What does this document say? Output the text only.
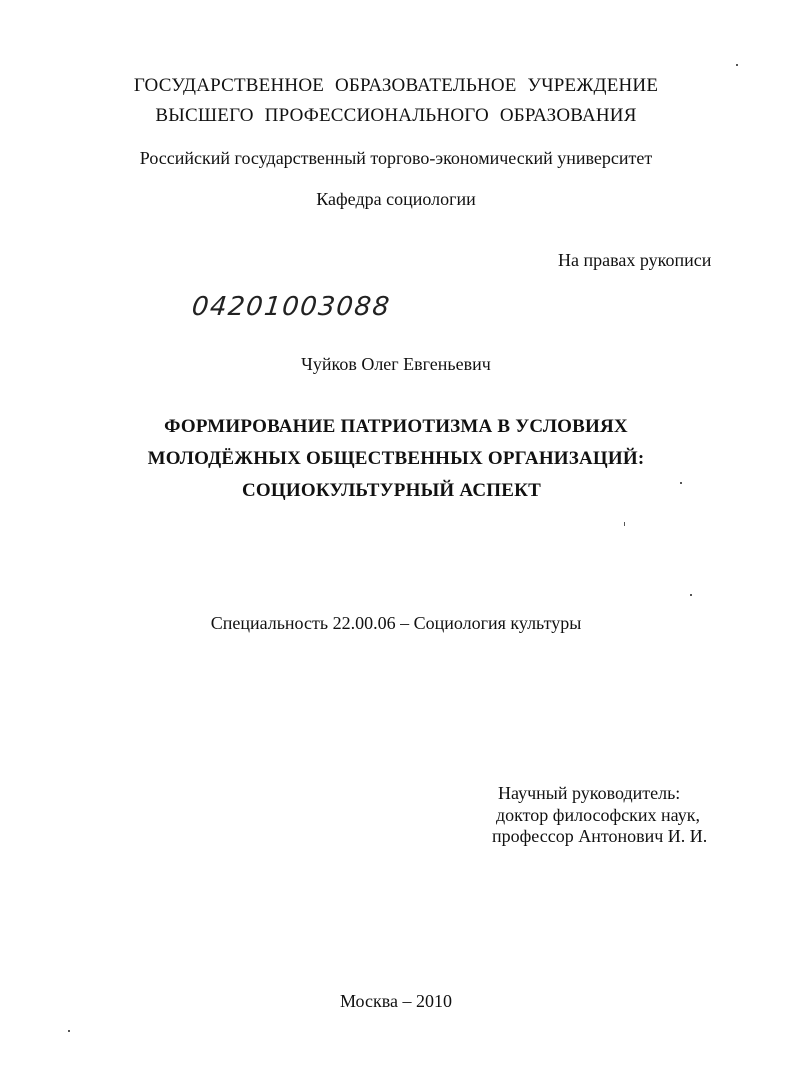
ГОСУДАРСТВЕННОЕ ОБРАЗОВАТЕЛЬНОЕ УЧРЕЖДЕНИЕ
ВЫСШЕГО ПРОФЕССИОНАЛЬНОГО ОБРАЗОВАНИЯ
Российский государственный торгово-экономический университет
Кафедра социологии
На правах рукописи
04201003088
Чуйков Олег Евгеньевич
ФОРМИРОВАНИЕ ПАТРИОТИЗМА В УСЛОВИЯХ
МОЛОДЁЖНЫХ ОБЩЕСТВЕННЫХ ОРГАНИЗАЦИЙ:
СОЦИОКУЛЬТУРНЫЙ АСПЕКТ
Специальность 22.00.06 – Социология культуры
Научный руководитель:
доктор философских наук,
профессор Антонович И. И.
Москва – 2010
